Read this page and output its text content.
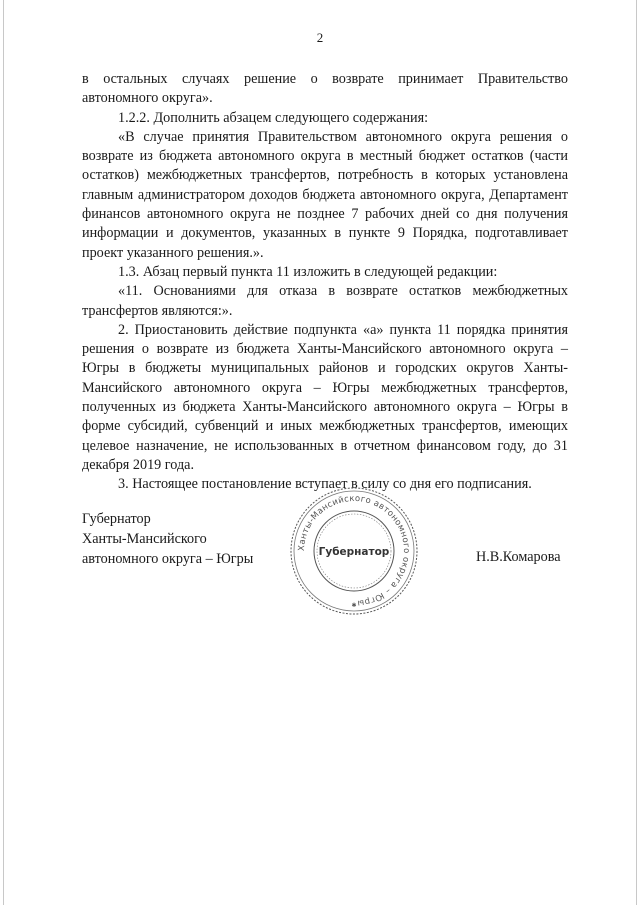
2

в остальных случаях решение о возврате принимает Правительство автономного округа».

1.2.2. Дополнить абзацем следующего содержания:

«В случае принятия Правительством автономного округа решения о возврате из бюджета автономного округа в местный бюджет остатков (части остатков) межбюджетных трансфертов, потребность в которых установлена главным администратором доходов бюджета автономного округа, Департамент финансов автономного округа не позднее 7 рабочих дней со дня получения информации и документов, указанных в пункте 9 Порядка, подготавливает проект указанного решения.».

1.3. Абзац первый пункта 11 изложить в следующей редакции:

«11. Основаниями для отказа в возврате остатков межбюджетных трансфертов являются:».

2. Приостановить действие подпункта «а» пункта 11 порядка принятия решения о возврате из бюджета Ханты-Мансийского автономного округа – Югры в бюджеты муниципальных районов и городских округов Ханты-Мансийского автономного округа – Югры межбюджетных трансфертов, полученных из бюджета Ханты-Мансийского автономного округа – Югры в форме субсидий, субвенций и иных межбюджетных трансфертов, имеющих целевое назначение, не использованных в отчетном финансовом году, до 31 декабря 2019 года.

3. Настоящее постановление вступает в силу со дня его подписания.

Губернатор
Ханты-Мансийского
автономного округа – Югры
Ханты-Мансийского автономного округа – Югры
Губернатор
✱
Н.В.Комарова
